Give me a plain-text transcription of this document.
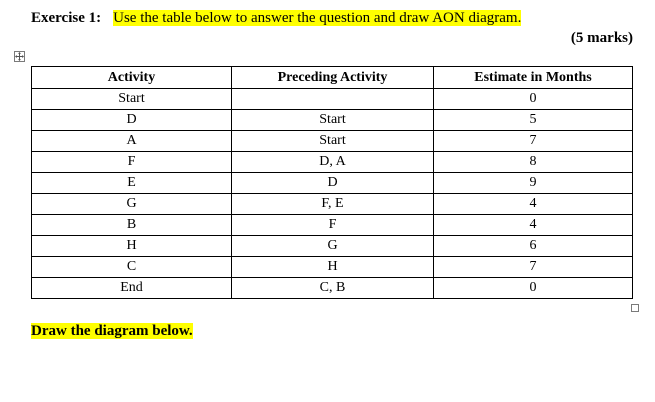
Exercise 1: Use the table below to answer the question and draw AON diagram.
(5 marks)
Activity	Preceding Activity	Estimate in Months
Start		0
D	Start	5
A	Start	7
F	D, A	8
E	D	9
G	F, E	4
B	F	4
H	G	6
C	H	7
End	C, B	0
Draw the diagram below.
